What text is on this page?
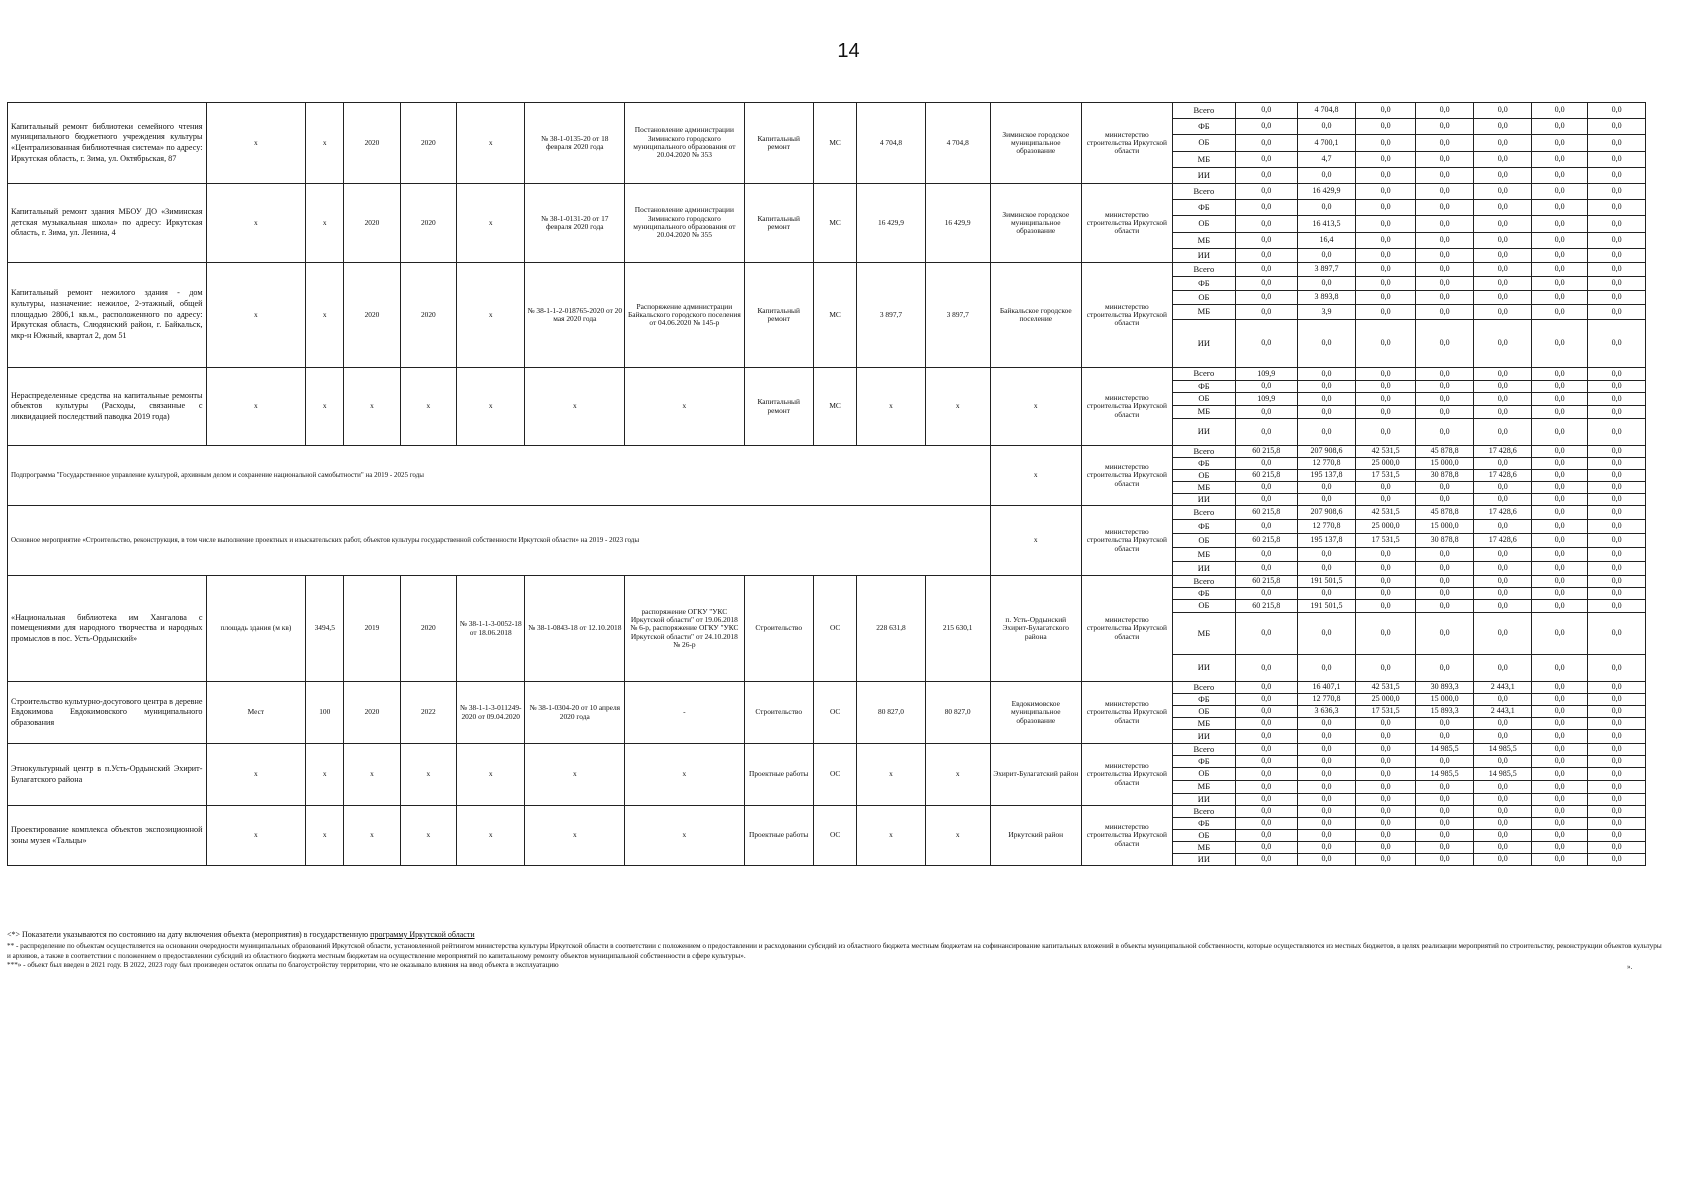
14
Капитальный ремонт библиотеки семейного чтения муниципального бюджетного учреждения культуры «Централизованная библиотечная система» по адресу: Иркутская область, г. Зима, ул. Октябрьская, 87	x	x	2020	2020	x	№ 38-1-0135-20 от 18 февраля 2020 года	Постановление администрации Зиминского городского муниципального образования от 20.04.2020 № 353	Капитальный ремонт	МС	4 704,8	4 704,8	Зиминское городское муниципальное образование	министерство строительства Иркутской области	Всего	0,0	4 704,8	0,0	0,0	0,0	0,0	0,0
														ФБ	0,0	0,0	0,0	0,0	0,0	0,0	0,0
														ОБ	0,0	4 700,1	0,0	0,0	0,0	0,0	0,0
														МБ	0,0	4,7	0,0	0,0	0,0	0,0	0,0
														ИИ	0,0	0,0	0,0	0,0	0,0	0,0	0,0
Капитальный ремонт здания МБОУ ДО «Зиминская детская музыкальная школа» по адресу: Иркутская область, г. Зима, ул. Ленина, 4	x	x	2020	2020	x	№ 38-1-0131-20 от 17 февраля 2020 года	Постановление администрации Зиминского городского муниципального образования от 20.04.2020 № 355	Капитальный ремонт	МС	16 429,9	16 429,9	Зиминское городское муниципальное образование	министерство строительства Иркутской области	Всего	0,0	16 429,9	0,0	0,0	0,0	0,0	0,0
														ФБ	0,0	0,0	0,0	0,0	0,0	0,0	0,0
														ОБ	0,0	16 413,5	0,0	0,0	0,0	0,0	0,0
														МБ	0,0	16,4	0,0	0,0	0,0	0,0	0,0
														ИИ	0,0	0,0	0,0	0,0	0,0	0,0	0,0
Капитальный ремонт нежилого здания - дом культуры, назначение: нежилое, 2-этажный, общей площадью 2806,1 кв.м., расположенного по адресу: Иркутская область, Слюдянский район, г. Байкальск, мкр-н Южный, квартал 2, дом 51	x	x	2020	2020	x	№ 38-1-1-2-018765-2020 от 20 мая 2020 года	Распоряжение администрации Байкальского городского поселения от 04.06.2020 № 145-р	Капитальный ремонт	МС	3 897,7	3 897,7	Байкальское городское поселение	министерство строительства Иркутской области	Всего	0,0	3 897,7	0,0	0,0	0,0	0,0	0,0
														ФБ	0,0	0,0	0,0	0,0	0,0	0,0	0,0
														ОБ	0,0	3 893,8	0,0	0,0	0,0	0,0	0,0
														МБ	0,0	3,9	0,0	0,0	0,0	0,0	0,0
														ИИ	0,0	0,0	0,0	0,0	0,0	0,0	0,0
Нераспределенные средства на капитальные ремонты объектов культуры (Расходы, связанные с ликвидацией последствий паводка 2019 года)	x	x	x	x	x	x	x	Капитальный ремонт	МС	x	x	x	министерство строительства Иркутской области	Всего	109,9	0,0	0,0	0,0	0,0	0,0	0,0
														ФБ	0,0	0,0	0,0	0,0	0,0	0,0	0,0
														ОБ	109,9	0,0	0,0	0,0	0,0	0,0	0,0
														МБ	0,0	0,0	0,0	0,0	0,0	0,0	0,0
														ИИ	0,0	0,0	0,0	0,0	0,0	0,0	0,0
Подпрограмма "Государственное управление культурой, архивным делом и сохранение национальной самобытности" на 2019 - 2025 годы												x	министерство строительства Иркутской области	Всего	60 215,8	207 908,6	42 531,5	45 878,8	17 428,6	0,0	0,0
														ФБ	0,0	12 770,8	25 000,0	15 000,0	0,0	0,0	0,0
														ОБ	60 215,8	195 137,8	17 531,5	30 878,8	17 428,6	0,0	0,0
														МБ	0,0	0,0	0,0	0,0	0,0	0,0	0,0
														ИИ	0,0	0,0	0,0	0,0	0,0	0,0	0,0
Основное мероприятие «Строительство, реконструкция, в том числе выполнение проектных и изыскательских работ, объектов культуры государственной собственности Иркутской области» на 2019 - 2023 годы												x	министерство строительства Иркутской области	Всего	60 215,8	207 908,6	42 531,5	45 878,8	17 428,6	0,0	0,0
														ФБ	0,0	12 770,8	25 000,0	15 000,0	0,0	0,0	0,0
														ОБ	60 215,8	195 137,8	17 531,5	30 878,8	17 428,6	0,0	0,0
														МБ	0,0	0,0	0,0	0,0	0,0	0,0	0,0
														ИИ	0,0	0,0	0,0	0,0	0,0	0,0	0,0
«Национальная библиотека им Хангалова с помещениями для народного творчества и народных промыслов в пос. Усть-Ордынский»	площадь здания (м кв)	3494,5	2019	2020	№ 38-1-1-3-0052-18 от 18.06.2018	№ 38-1-0843-18 от 12.10.2018	распоряжение ОГКУ "УКС Иркутской области" от 19.06.2018 № 6-р, распоряжение ОГКУ "УКС Иркутской области" от 24.10.2018 № 26-р	Строительство	ОС	228 631,8	215 630,1	п. Усть-Ордынский Эхирит-Булагатского района	министерство строительства Иркутской области	Всего	60 215,8	191 501,5	0,0	0,0	0,0	0,0	0,0
														ФБ	0,0	0,0	0,0	0,0	0,0	0,0	0,0
														ОБ	60 215,8	191 501,5	0,0	0,0	0,0	0,0	0,0
														МБ	0,0	0,0	0,0	0,0	0,0	0,0	0,0
														ИИ	0,0	0,0	0,0	0,0	0,0	0,0	0,0
Строительство культурно-досугового центра в деревне Евдокимова Евдокимовского муниципального образования	Мест	100	2020	2022	№ 38-1-1-3-011249-2020 от 09.04.2020	№ 38-1-0304-20 от 10 апреля 2020 года	-	Строительство	ОС	80 827,0	80 827,0	Евдокимовское муниципальное образование	министерство строительства Иркутской области	Всего	0,0	16 407,1	42 531,5	30 893,3	2 443,1	0,0	0,0
														ФБ	0,0	12 770,8	25 000,0	15 000,0	0,0	0,0	0,0
														ОБ	0,0	3 636,3	17 531,5	15 893,3	2 443,1	0,0	0,0
														МБ	0,0	0,0	0,0	0,0	0,0	0,0	0,0
														ИИ	0,0	0,0	0,0	0,0	0,0	0,0	0,0
Этнокультурный центр в п.Усть-Ордынский Эхирит-Булагатского района	x	x	x	x	x	x	x	Проектные работы	ОС	x	x	Эхирит-Булагатский район	министерство строительства Иркутской области	Всего	0,0	0,0	0,0	14 985,5	14 985,5	0,0	0,0
														ФБ	0,0	0,0	0,0	0,0	0,0	0,0	0,0
														ОБ	0,0	0,0	0,0	14 985,5	14 985,5	0,0	0,0
														МБ	0,0	0,0	0,0	0,0	0,0	0,0	0,0
														ИИ	0,0	0,0	0,0	0,0	0,0	0,0	0,0
Проектирование комплекса объектов экспозиционной зоны музея «Тальцы»	x	x	x	x	x	x	x	Проектные работы	ОС	x	x	Иркутский район	министерство строительства Иркутской области	Всего	0,0	0,0	0,0	0,0	0,0	0,0	0,0
														ФБ	0,0	0,0	0,0	0,0	0,0	0,0	0,0
														ОБ	0,0	0,0	0,0	0,0	0,0	0,0	0,0
														МБ	0,0	0,0	0,0	0,0	0,0	0,0	0,0
														ИИ	0,0	0,0	0,0	0,0	0,0	0,0	0,0

<*> Показатели указываются по состоянию на дату включения объекта (мероприятия) в государственную программу Иркутской области

** - распределение по объектам осуществляется на основании очередности муниципальных образований Иркутской области, установленной рейтингом министерства культуры Иркутской области в соответствии с положением о предоставлении и расходовании субсидий из областного бюджета местным бюджетам на софинансирование капитальных вложений в объекты муниципальной собственности, которые осуществляются из местных бюджетов, в целях реализации мероприятий по строительству, реконструкции объектов культуры и архивов, а также в соответствии с положением о предоставлении субсидий из областного бюджета местным бюджетам на осуществление мероприятий по капитальному ремонту объектов муниципальной собственности в сфере культуры».

***» - объект был введен в 2021 году. В 2022, 2023 году был произведен остаток оплаты по благоустройству территории, что не оказывало влияния на ввод объекта в эксплуатацию	».
